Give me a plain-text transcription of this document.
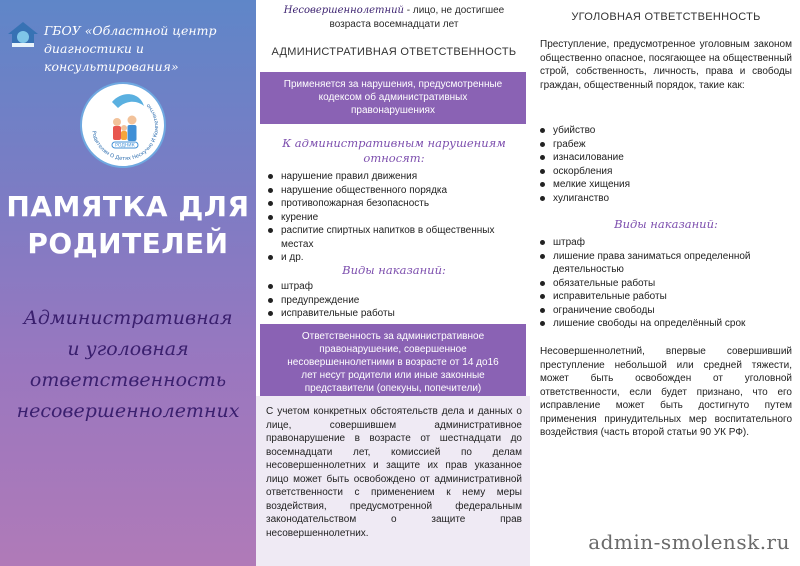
ГБОУ «Областной центр диагностики и консультирования»
РОДНИК
Родителям О Детях Нескучно И Компетентно
ПАМЯТКА ДЛЯ
РОДИТЕЛЕЙ
Административная
и уголовная
ответственность
несовершеннолетних
Несовершеннолетний - лицо, не достигшее возраста восемнадцати лет
АДМИНИСТРАТИВНАЯ ОТВЕТСТВЕННОСТЬ
Применяется за нарушения, предусмотренные кодексом об административных правонарушениях
К административным нарушениям относят:
нарушение правил движения
нарушение общественного порядка
противопожарная безопасность
курение
распитие спиртных напитков в общественных местах
и др.
Виды наказаний:
штраф
предупреждение
исправительные работы
Ответственность за административное правонарушение, совершенное несовершеннолетними в возрасте от 14 до16 лет несут родители или иные законные представители (опекуны, попечители)
С учетом конкретных обстоятельств дела и данных о лице, совершившем административное правонарушение в возрасте от шестнадцати до восемнадцати лет, комиссией по делам несовершеннолетних и защите их прав указанное лицо может быть освобождено от административной ответственности с применением к нему меры воздействия, предусмотренной федеральным законодательством о защите прав несовершеннолетних.
УГОЛОВНАЯ ОТВЕТСТВЕННОСТЬ
Преступление, предусмотренное уголовным законом общественно опасное, посягающее на общественный строй, собственность, личность, права и свободы граждан, общественный порядок, такие как:
убийство
грабеж
изнасилование
оскорбления
мелкие хищения
хулиганство
Виды наказаний:
штраф
лишение права заниматься определенной деятельностью
обязательные работы
исправительные работы
ограничение свободы
лишение свободы на определённый срок
Несовершеннолетний, впервые совершивший преступление небольшой или средней тяжести, может быть освобожден от уголовной ответственности, если будет признано, что его исправление может быть достигнуто путем применения принудительных мер воспитательного воздействия (часть второй статьи 90 УК РФ).
admin-smolensk.ru
